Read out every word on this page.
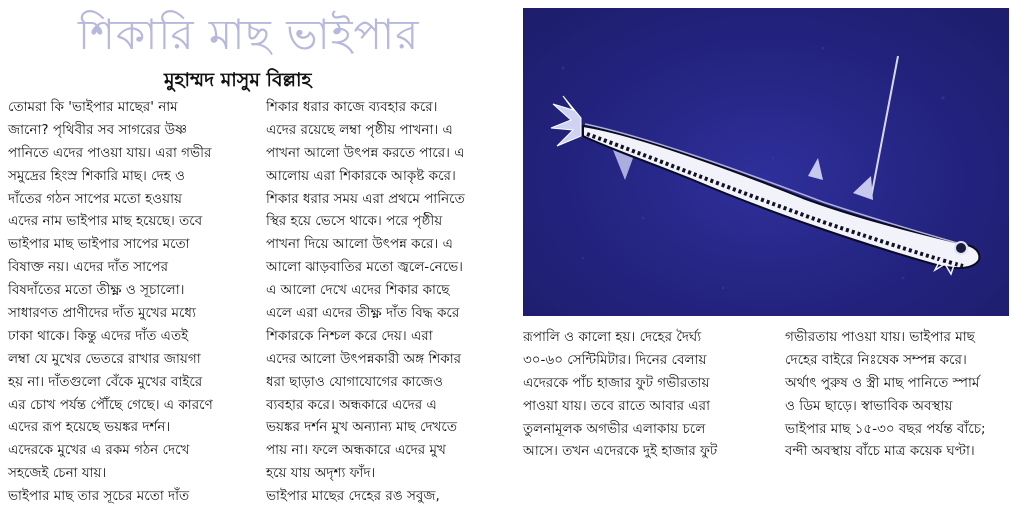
শিকারি মাছ ভাইপার
মুহাম্মদ মাসুম বিল্লাহ
তোমরা কি 'ভাইপার মাছের' নাম
জানো? পৃথিবীর সব সাগরের উষ্ণ
পানিতে এদের পাওয়া যায়। এরা গভীর
সমুদ্রের হিংস্র শিকারি মাছ। দেহ ও
দাঁতের গঠন সাপের মতো হওয়ায়
এদের নাম ভাইপার মাছ হয়েছে। তবে
ভাইপার মাছ ভাইপার সাপের মতো
বিষাক্ত নয়। এদের দাঁত সাপের
বিষদাঁতের মতো তীক্ষ্ণ ও সূচালো।
সাধারণত প্রাণীদের দাঁত মুখের মধ্যে
ঢাকা থাকে। কিন্তু এদের দাঁত এতই
লম্বা যে মুখের ভেতরে রাখার জায়গা
হয় না। দাঁতগুলো বেঁকে মুখের বাইরে
এর চোখ পর্যন্ত পৌঁছে গেছে। এ কারণে
এদের রূপ হয়েছে ভয়ঙ্কর দর্শন।
এদেরকে মুখের এ রকম গঠন দেখে
সহজেই চেনা যায়।
ভাইপার মাছ তার সূচের মতো দাঁত
শিকার ধরার কাজে ব্যবহার করে।
এদের রয়েছে লম্বা পৃষ্ঠীয় পাখনা। এ
পাখনা আলো উৎপন্ন করতে পারে। এ
আলোয় এরা শিকারকে আকৃষ্ট করে।
শিকার ধরার সময় এরা প্রথমে পানিতে
স্থির হয়ে ভেসে থাকে। পরে পৃষ্ঠীয়
পাখনা দিয়ে আলো উৎপন্ন করে। এ
আলো ঝাড়বাতির মতো জ্বলে-নেভে।
এ আলো দেখে এদের শিকার কাছে
এলে এরা এদের তীক্ষ্ণ দাঁত বিদ্ধ করে
শিকারকে নিশ্চল করে দেয়। এরা
এদের আলো উৎপন্নকারী অঙ্গ শিকার
ধরা ছাড়াও যোগাযোগের কাজেও
ব্যবহার করে। অন্ধকারে এদের এ
ভয়ঙ্কর দর্শন মুখ অন্যান্য মাছ দেখতে
পায় না। ফলে অন্ধকারে এদের মুখ
হয়ে যায় অদৃশ্য ফাঁদ।
ভাইপার মাছের দেহের রঙ সবুজ,
রূপালি ও কালো হয়। দেহের দৈর্ঘ্য
৩০-৬০ সেন্টিমিটার। দিনের বেলায়
এদেরকে পাঁচ হাজার ফুট গভীরতায়
পাওয়া যায়। তবে রাতে আবার এরা
তুলনামূলক অগভীর এলাকায় চলে
আসে। তখন এদেরকে দুই হাজার ফুট
গভীরতায় পাওয়া যায়। ভাইপার মাছ
দেহের বাইরে নিঃষেক সম্পন্ন করে।
অর্থাৎ পুরুষ ও স্ত্রী মাছ পানিতে স্পার্ম
ও ডিম ছাড়ে। স্বাভাবিক অবস্থায়
ভাইপার মাছ ১৫-৩০ বছর পর্যন্ত বাঁচে;
বন্দী অবস্থায় বাঁচে মাত্র কয়েক ঘণ্টা।
